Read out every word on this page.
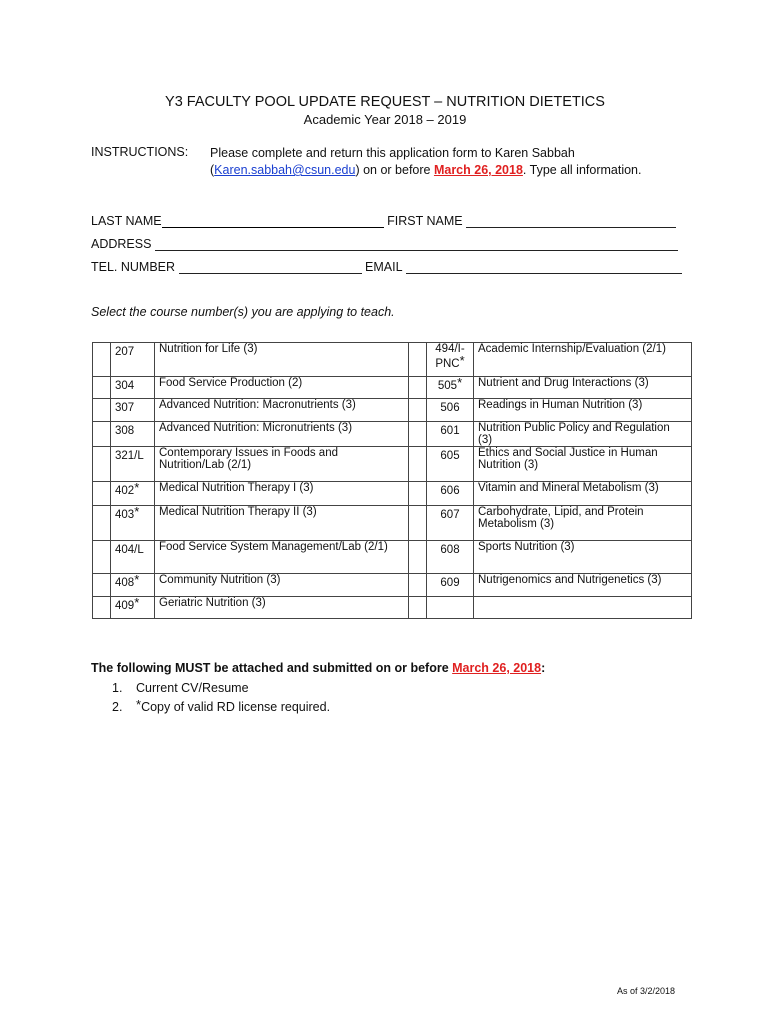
Y3 FACULTY POOL UPDATE REQUEST – NUTRITION DIETETICS
Academic Year 2018 – 2019
INSTRUCTIONS: Please complete and return this application form to Karen Sabbah
(Karen.sabbah@csun.edu) on or before March 26, 2018. Type all information.
LAST NAME	FIRST NAME
ADDRESS
TEL. NUMBER	EMAIL
Select the course number(s) you are applying to teach.
	207	Nutrition for Life (3)		494/I-PNC*	Academic Internship/Evaluation (2/1)
	304	Food Service Production (2)		505*	Nutrient and Drug Interactions (3)
	307	Advanced Nutrition: Macronutrients (3)		506	Readings in Human Nutrition (3)
	308	Advanced Nutrition: Micronutrients (3)		601	Nutrition Public Policy and Regulation (3)
	321/L	Contemporary Issues in Foods and Nutrition/Lab (2/1)		605	Ethics and Social Justice in Human Nutrition (3)
	402*	Medical Nutrition Therapy I (3)		606	Vitamin and Mineral Metabolism (3)
	403*	Medical Nutrition Therapy II (3)		607	Carbohydrate, Lipid, and Protein Metabolism (3)
	404/L	Food Service System Management/Lab (2/1)		608	Sports Nutrition (3)
	408*	Community Nutrition (3)		609	Nutrigenomics and Nutrigenetics (3)
	409*	Geriatric Nutrition (3)			
The following MUST be attached and submitted on or before March 26, 2018:
1. Current CV/Resume
2. *Copy of valid RD license required.
As of 3/2/2018
